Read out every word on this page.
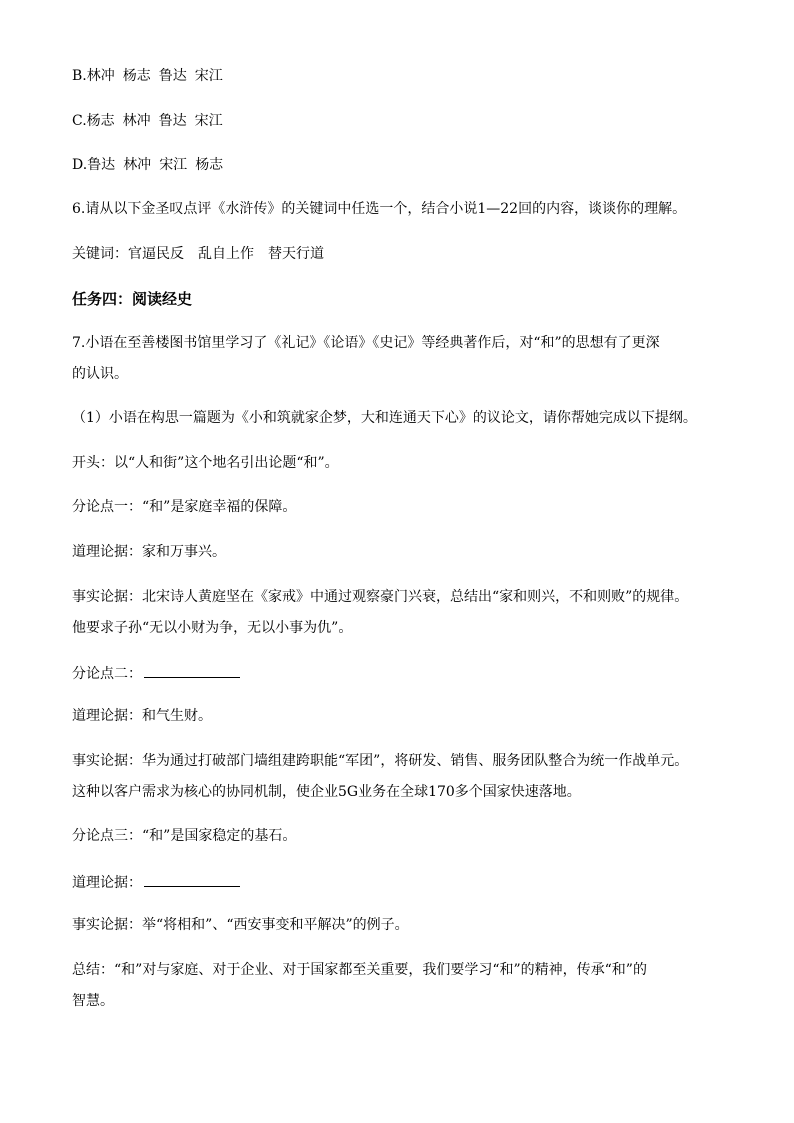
B.林冲 杨志 鲁达 宋江

C.杨志 林冲 鲁达 宋江

D.鲁达 林冲 宋江 杨志

6.请从以下金圣叹点评《水浒传》的关键词中任选一个，结合小说1—22回的内容，谈谈你的理解。

关键词：官逼民反 乱自上作 替天行道

任务四：阅读经史

7.小语在至善楼图书馆里学习了《礼记》《论语》《史记》等经典著作后，对“和”的思想有了更深

的认识。

（1）小语在构思一篇题为《小和筑就家企梦，大和连通天下心》的议论文，请你帮她完成以下提纲。

开头：以“人和街”这个地名引出论题“和”。

分论点一：“和”是家庭幸福的保障。

道理论据：家和万事兴。

事实论据：北宋诗人黄庭坚在《家戒》中通过观察豪门兴衰，总结出“家和则兴，不和则败”的规律。

他要求子孙“无以小财为争，无以小事为仇”。

分论点二：

道理论据：和气生财。

事实论据：华为通过打破部门墙组建跨职能“军团”，将研发、销售、服务团队整合为统一作战单元。

这种以客户需求为核心的协同机制，使企业5G业务在全球170多个国家快速落地。

分论点三：“和”是国家稳定的基石。

道理论据：

事实论据：举“将相和”、“西安事变和平解决”的例子。

总结：“和”对与家庭、对于企业、对于国家都至关重要，我们要学习“和”的精神，传承“和”的

智慧。
